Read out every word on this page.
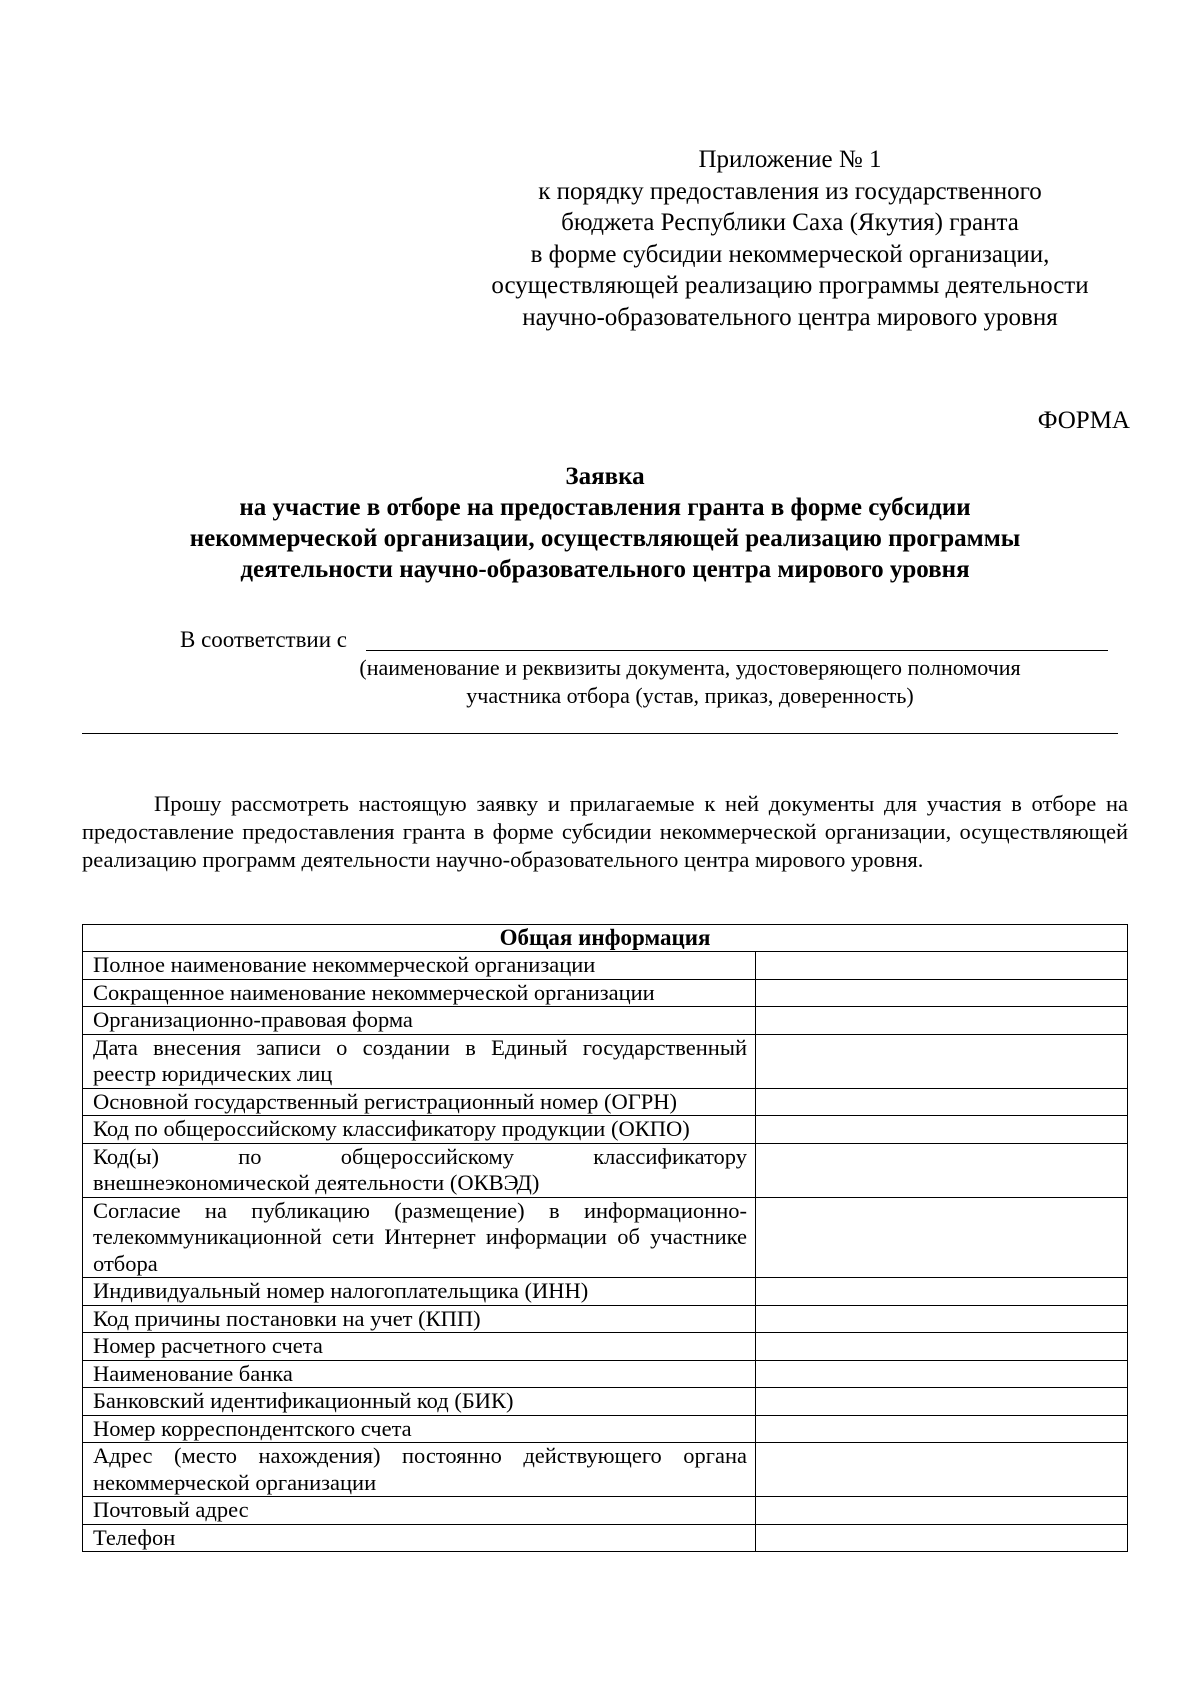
Приложение № 1
к порядку предоставления из государственного
бюджета Республики Саха (Якутия) гранта
в форме субсидии некоммерческой организации,
осуществляющей реализацию программы деятельности
научно-образовательного центра мирового уровня
ФОРМА
Заявка
на участие в отборе на предоставления гранта в форме субсидии
некоммерческой организации, осуществляющей реализацию программы
деятельности научно-образовательного центра мирового уровня
В соответствии с
(наименование и реквизиты документа, удостоверяющего полномочия
участника отбора (устав, приказ, доверенность)
Прошу рассмотреть настоящую заявку и прилагаемые к ней документы для участия в отборе на предоставление предоставления гранта в форме субсидии некоммерческой организации, осуществляющей реализацию программ деятельности научно-образовательного центра мирового уровня.
Общая информация	
Полное наименование некоммерческой организации	
Сокращенное наименование некоммерческой организации	
Организационно-правовая форма	
Дата внесения записи о создании в Единый государственный реестр юридических лиц	
Основной государственный регистрационный номер (ОГРН)	
Код по общероссийскому классификатору продукции (ОКПО)	
Код(ы) по общероссийскому классификатору внешнеэкономической деятельности (ОКВЭД)	
Согласие на публикацию (размещение) в информационно-телекоммуникационной сети Интернет информации об участнике отбора	
Индивидуальный номер налогоплательщика (ИНН)	
Код причины постановки на учет (КПП)	
Номер расчетного счета	
Наименование банка	
Банковский идентификационный код (БИК)	
Номер корреспондентского счета	
Адрес (место нахождения) постоянно действующего органа некоммерческой организации	
Почтовый адрес	
Телефон	
